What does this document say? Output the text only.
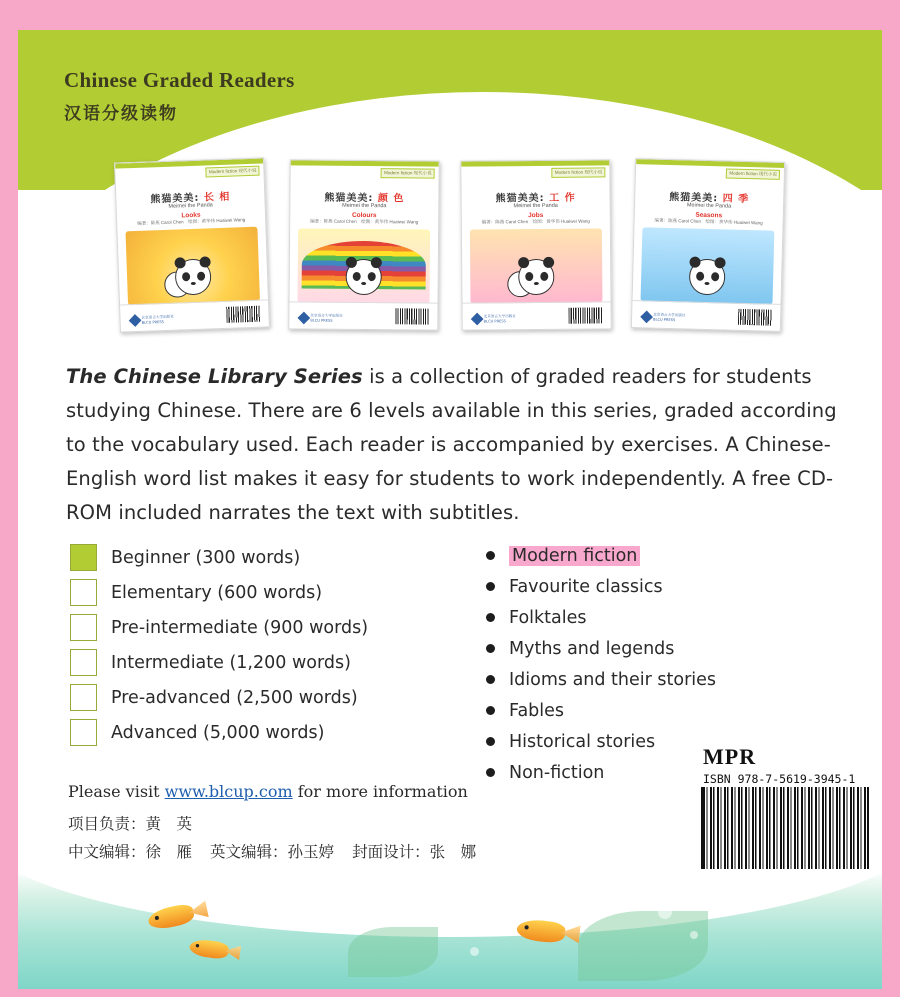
Chinese Graded Readers
汉语分级读物
Modern fiction 现代小说
熊猫美美: 长 相
Meimei the Panda
Looks
编著：陈燕 Carol Chen　绘图：黄华伟 Huaiwei Wang
北京语言大学出版社
BLCU PRESS
Modern fiction 现代小说
熊猫美美: 颜 色
Meimei the Panda
Colours
编著：陈燕 Carol Chen　绘图：黄华伟 Huaiwei Wang
北京语言大学出版社
BLCU PRESS
Modern fiction 现代小说
熊猫美美: 工 作
Meimei the Panda
Jobs
编著：陈燕 Carol Chen　绘图：黄华伟 Huaiwei Wang
北京语言大学出版社
BLCU PRESS
Modern fiction 现代小说
熊猫美美: 四 季
Meimei the Panda
Seasons
编著：陈燕 Carol Chen　绘图：黄华伟 Huaiwei Wang
北京语言大学出版社
BLCU PRESS
The Chinese Library Series is a collection of graded readers for students studying Chinese. There are 6 levels available in this series, graded according to the vocabulary used. Each reader is accompanied by exercises. A Chinese-English word list makes it easy for students to work independently. A free CD-ROM included narrates the text with subtitles.
Beginner (300 words)
Elementary (600 words)
Pre-intermediate (900 words)
Intermediate (1,200 words)
Pre-advanced (2,500 words)
Advanced (5,000 words)
Modern fiction
Favourite classics
Folktales
Myths and legends
Idioms and their stories
Fables
Historical stories
Non-fiction
Please visit www.blcup.com for more information
项目负责：黄　英
中文编辑：徐　雁 英文编辑：孙玉婷 封面设计：张　娜
MPR
ISBN 978-7-5619-3945-1
